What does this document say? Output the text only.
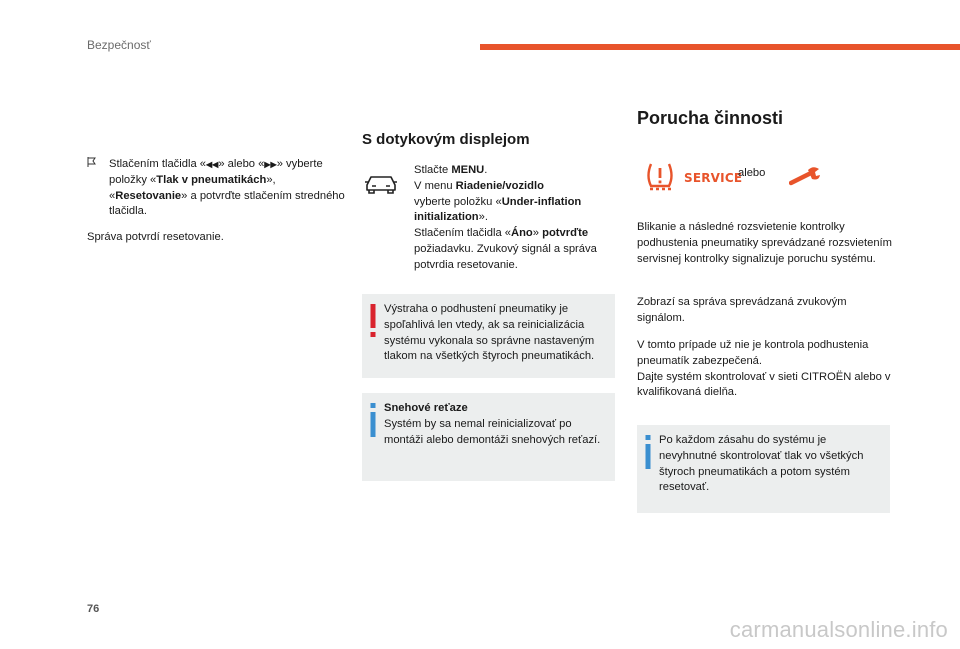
Bezpečnosť
Stlačením tlačidla «◀◀» alebo «▶▶» vyberte položky «Tlak v pneumatikách», «Resetovanie» a potvrďte stlačením stredného tlačidla.
Správa potvrdí resetovanie.
S dotykovým displejom
Stlačte MENU.
V menu Riadenie/vozidlo
vyberte položku «Under-inflation initialization».
Stlačením tlačidla «Áno» potvrďte požiadavku. Zvukový signál a správa potvrdia resetovanie.
Výstraha o podhustení pneumatiky je spoľahlivá len vtedy, ak sa reinicializácia systému vykonala so správne nastaveným tlakom na všetkých štyroch pneumatikách.
Snehové reťaze
Systém by sa nemal reinicializovať po montáži alebo demontáži snehových reťazí.
Porucha činnosti
SERVICE
alebo
Blikanie a následné rozsvietenie kontrolky podhustenia pneumatiky sprevádzané rozsvietením servisnej kontrolky signalizuje poruchu systému.
Zobrazí sa správa sprevádzaná zvukovým signálom.
V tomto prípade už nie je kontrola podhustenia pneumatík zabezpečená.
Dajte systém skontrolovať v sieti CITROËN alebo v kvalifikovaná dielňa.
Po každom zásahu do systému je nevyhnutné skontrolovať tlak vo všetkých štyroch pneumatikách a potom systém resetovať.
76
carmanualsonline.info
